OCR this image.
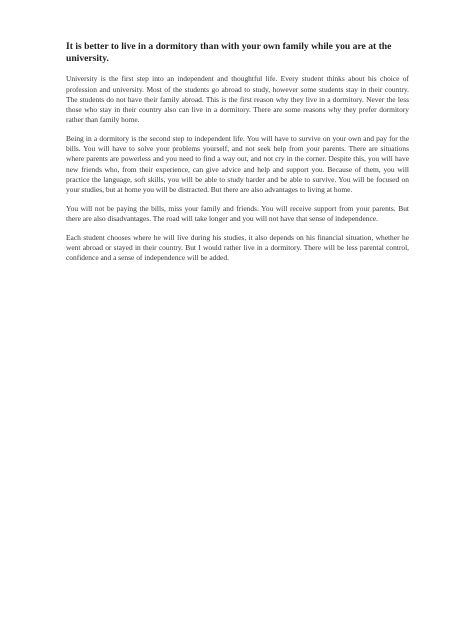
It is better to live in a dormitory than with your own family while you are at the university.

University is the first step into an independent and thoughtful life. Every student thinks about his choice of profession and university. Most of the students go abroad to study, however some students stay in their country. The students do not have their family abroad. This is the first reason why they live in a dormitory. Never the less those who stay in their country also can live in a dormitory. There are some reasons why they prefer dormitory rather than family home.

Being in a dormitory is the second step to independent life. You will have to survive on your own and pay for the bills. You will have to solve your problems yourself, and not seek help from your parents. There are situations where parents are powerless and you need to find a way out, and not cry in the corner. Despite this, you will have new friends who, from their experience, can give advice and help and support you. Because of them, you will practice the language, soft skills, you will be able to study harder and be able to survive. You will be focused on your studies, but at home you will be distracted. But there are also advantages to living at home.

You will not be paying the bills, miss your family and friends. You will receive support from your parents. But there are also disadvantages. The road will take longer and you will not have that sense of independence.

Each student chooses where he will live during his studies, it also depends on his financial situation, whether he went abroad or stayed in their country. But I would rather live in a dormitory. There will be less parental control, confidence and a sense of independence will be added.
